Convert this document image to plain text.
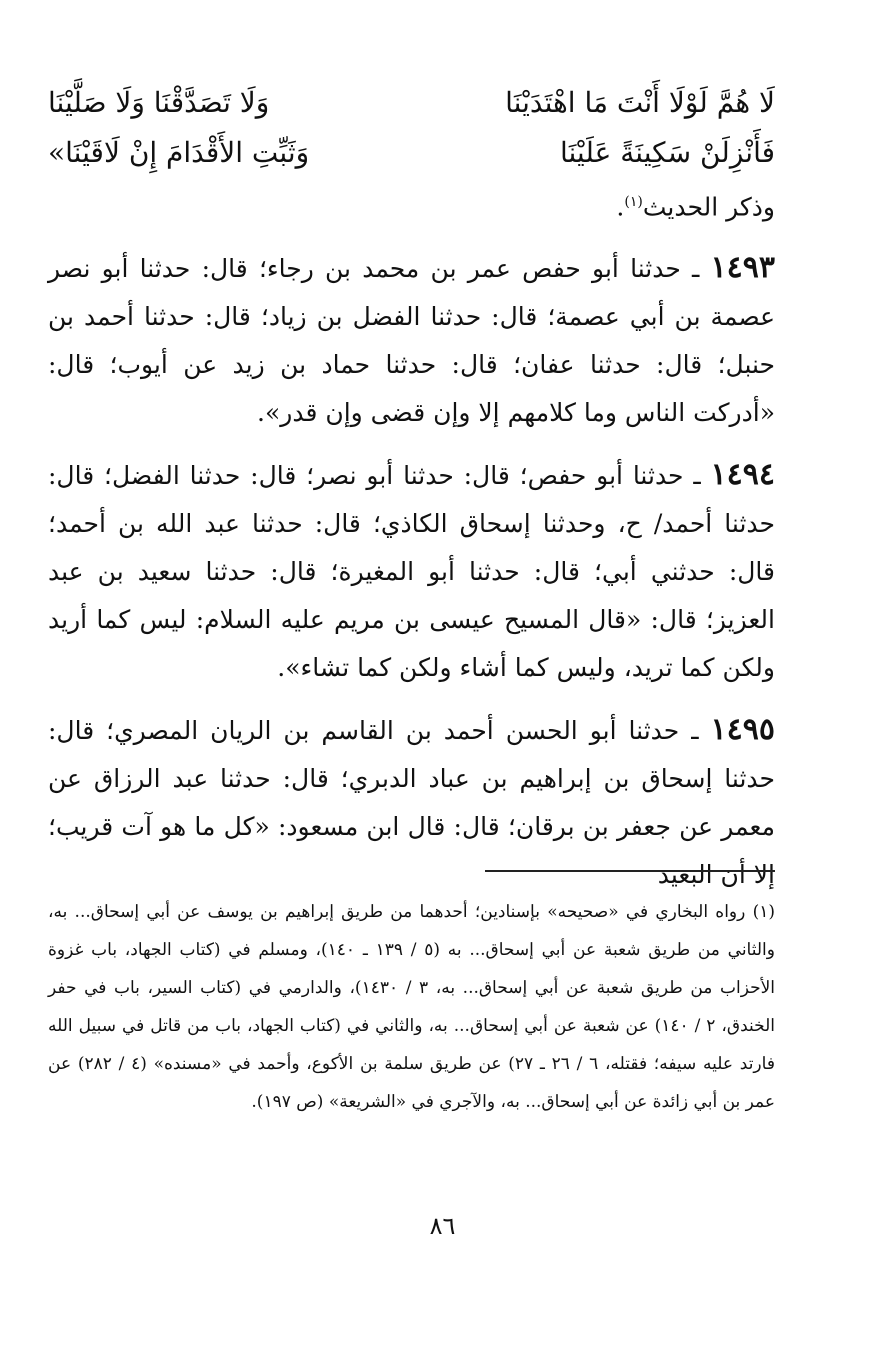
لَا هُمَّ لَوْلَا أَنْتَ مَا اهْتَدَيْنَا
وَلَا تَصَدَّقْنَا وَلَا صَلَّيْنَا
فَأَنْزِلَنْ سَكِينَةً عَلَيْنَا
وَثَبِّتِ الأَقْدَامَ إِنْ لَاقَيْنَا»
وذكر الحديث$^{(١)}$.

١٤٩٣ ـ حدثنا أبو حفص عمر بن محمد بن رجاء؛ قال: حدثنا أبو نصر عصمة بن أبي عصمة؛ قال: حدثنا الفضل بن زياد؛ قال: حدثنا أحمد بن حنبل؛ قال: حدثنا عفان؛ قال: حدثنا حماد بن زيد عن أيوب؛ قال: «أدركت الناس وما كلامهم إلا وإن قضى وإن قدر».

١٤٩٤ ـ حدثنا أبو حفص؛ قال: حدثنا أبو نصر؛ قال: حدثنا الفضل؛ قال: حدثنا أحمد/ ح، وحدثنا إسحاق الكاذي؛ قال: حدثنا عبد الله بن أحمد؛ قال: حدثني أبي؛ قال: حدثنا أبو المغيرة؛ قال: حدثنا سعيد بن عبد العزيز؛ قال: «قال المسيح عيسى بن مريم عليه السلام: ليس كما أريد ولكن كما تريد، وليس كما أشاء ولكن كما تشاء».

١٤٩٥ ـ حدثنا أبو الحسن أحمد بن القاسم بن الريان المصري؛ قال: حدثنا إسحاق بن إبراهيم بن عباد الدبري؛ قال: حدثنا عبد الرزاق عن معمر عن جعفر بن برقان؛ قال: قال ابن مسعود: «كل ما هو آت قريب؛ إلا أن البعيد

(١) رواه البخاري في «صحيحه» بإسنادين؛ أحدهما من طريق إبراهيم بن يوسف عن أبي إسحاق... به، والثاني من طريق شعبة عن أبي إسحاق... به (٥ / ١٣٩ ـ ١٤٠)، ومسلم في (كتاب الجهاد، باب غزوة الأحزاب من طريق شعبة عن أبي إسحاق... به، ٣ / ١٤٣٠)، والدارمي في (كتاب السير، باب في حفر الخندق، ٢ / ١٤٠) عن شعبة عن أبي إسحاق... به، والثاني في (كتاب الجهاد، باب من قاتل في سبيل الله فارتد عليه سيفه؛ فقتله، ٦ / ٢٦ ـ ٢٧) عن طريق سلمة بن الأكوع، وأحمد في «مسنده» (٤ / ٢٨٢) عن عمر بن أبي زائدة عن أبي إسحاق... به، والآجري في «الشريعة» (ص ١٩٧).

٨٦
